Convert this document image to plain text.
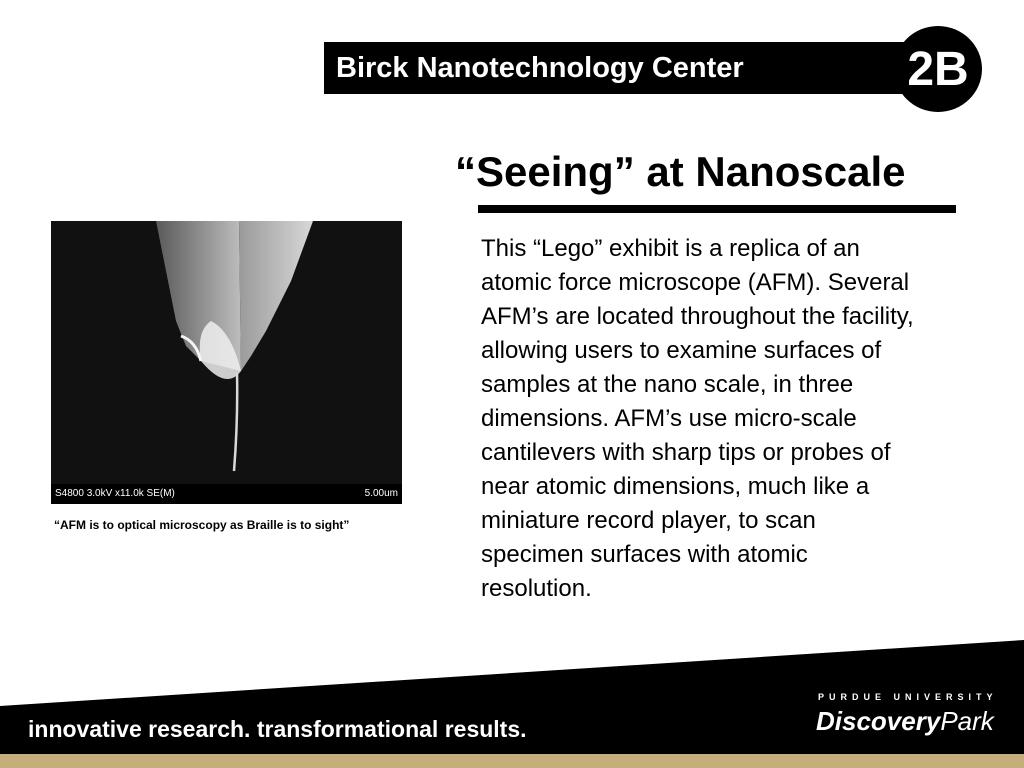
Birck Nanotechnology Center	2B
“Seeing” at Nanoscale
This “Lego” exhibit is a replica of an atomic force microscope (AFM). Several AFM’s are located throughout the facility, allowing users to examine surfaces of samples at the nano scale, in three dimensions. AFM’s use micro-scale cantilevers with sharp tips or probes of near atomic dimensions, much like a miniature record player, to scan specimen surfaces with atomic resolution.
S4800 3.0kV x11.0k SE(M)	5.00um
“AFM is to optical microscopy as Braille is to sight”
innovative research. transformational results.
PURDUE UNIVERSITY
DiscoveryPark
